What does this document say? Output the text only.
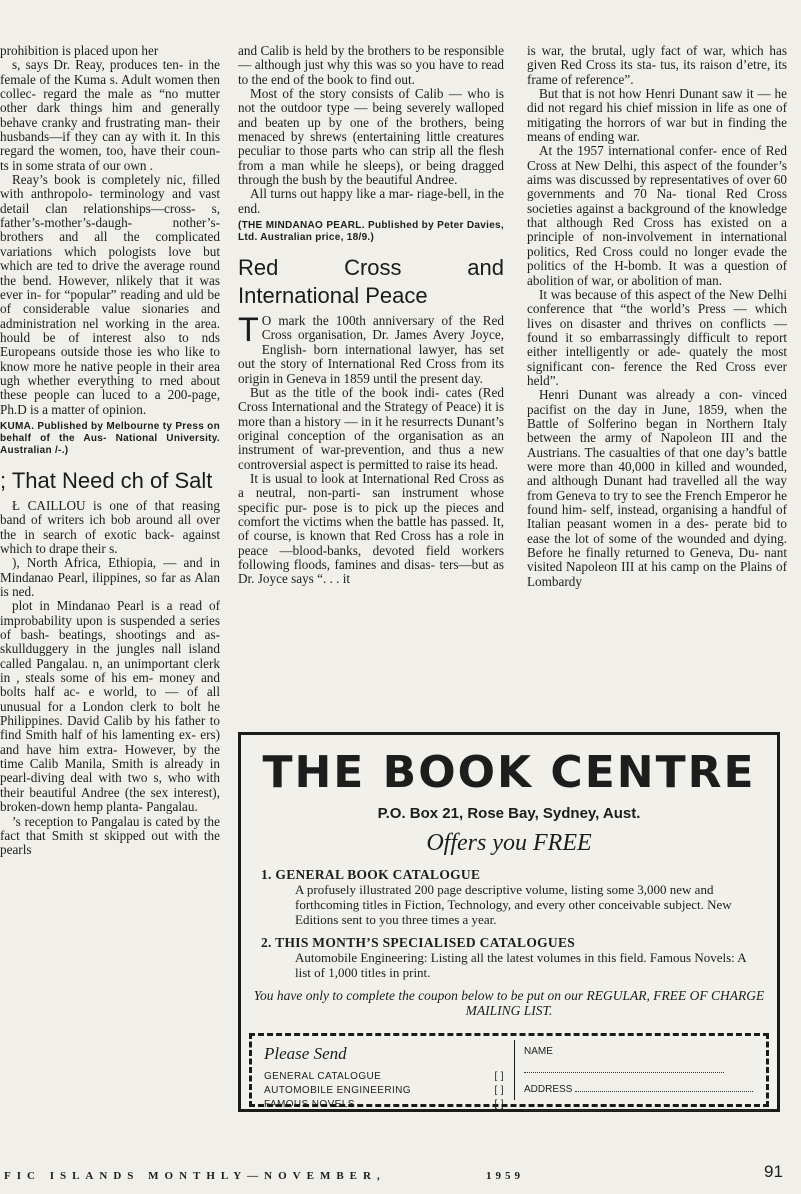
prohibition is placed upon her

s, says Dr. Reay, produces ten- in the female of the Kuma s. Adult women then collec- regard the male as “no mutter other dark things him and generally behave cranky and frustrating man- their husbands—if they can ay with it. In this regard the women, too, have their coun- ts in some strata of our own .

Reay’s book is completely nic, filled with anthropolo- terminology and vast detail clan relationships—cross- s, father’s-mother’s-daugh- nother’s-brothers and all the complicated variations which pologists love but which are ted to drive the average round the bend. However, nlikely that it was ever in- for “popular” reading and uld be of considerable value sionaries and administration nel working in the area. hould be of interest also to nds Europeans outside those ies who like to know more he native people in their area ugh whether everything to rned about these people can luced to a 200-page, Ph.D is a matter of opinion.

KUMA. Published by Melbourne ty Press on behalf of the Aus- National University. Australian /-.)

; That Need ch of Salt

Ł CAILLOU is one of that reasing band of writers ich bob around all over the in search of exotic back- against which to drape their s.

), North Africa, Ethiopia, — and in Mindanao Pearl, ilippines, so far as Alan is ned.

plot in Mindanao Pearl is a read of improbability upon is suspended a series of bash- beatings, shootings and as- skullduggery in the jungles nall island called Pangalau. n, an unimportant clerk in , steals some of his em- money and bolts half ac- e world, to — of all unusual for a London clerk to bolt he Philippines. David Calib by his father to find Smith half of his lamenting ex- ers) and have him extra- However, by the time Calib Manila, Smith is already in pearl-diving deal with two s, who with their beautiful Andree (the sex interest), broken-down hemp planta- Pangalau.

’s reception to Pangalau is cated by the fact that Smith st skipped out with the pearls

and Calib is held by the brothers to be responsible — although just why this was so you have to read to the end of the book to find out.

Most of the story consists of Calib — who is not the outdoor type — being severely walloped and beaten up by one of the brothers, being menaced by shrews (entertaining little creatures peculiar to those parts who can strip all the flesh from a man while he sleeps), or being dragged through the bush by the beautiful Andree.

All turns out happy like a mar- riage-bell, in the end.

(THE MINDANAO PEARL. Published by Peter Davies, Ltd. Australian price, 18/9.)

Red Cross and International Peace

T O mark the 100th anniversary of the Red Cross organisation, Dr. James Avery Joyce, English- born international lawyer, has set out the story of International Red Cross from its origin in Geneva in 1859 until the present day.

But as the title of the book indi- cates (Red Cross International and the Strategy of Peace) it is more than a history — in it he resurrects Dunant’s original conception of the organisation as an instrument of war-prevention, and thus a new controversial aspect is permitted to raise its head.

It is usual to look at International Red Cross as a neutral, non-parti- san instrument whose specific pur- pose is to pick up the pieces and comfort the victims when the battle has passed. It, of course, is known that Red Cross has a role in peace —blood-banks, devoted field workers following floods, famines and disas- ters—but as Dr. Joyce says “. . . it

is war, the brutal, ugly fact of war, which has given Red Cross its sta- tus, its raison d’etre, its frame of reference”.

But that is not how Henri Dunant saw it — he did not regard his chief mission in life as one of mitigating the horrors of war but in finding the means of ending war.

At the 1957 international confer- ence of Red Cross at New Delhi, this aspect of the founder’s aims was discussed by representatives of over 60 governments and 70 Na- tional Red Cross societies against a background of the knowledge that although Red Cross has existed on a principle of non-involvement in international politics, Red Cross could no longer evade the politics of the H-bomb. It was a question of abolition of war, or abolition of man.

It was because of this aspect of the New Delhi conference that “the world’s Press — which lives on disaster and thrives on conflicts — found it so embarrassingly difficult to report either intelligently or ade- quately the most significant con- ference the Red Cross ever held”.

Henri Dunant was already a con- vinced pacifist on the day in June, 1859, when the Battle of Solferino began in Northern Italy between the army of Napoleon III and the Austrians. The casualties of that one day’s battle were more than 40,000 in killed and wounded, and although Dunant had travelled all the way from Geneva to try to see the French Emperor he found him- self, instead, organising a handful of Italian peasant women in a des- perate bid to ease the lot of some of the wounded and dying. Before he finally returned to Geneva, Du- nant visited Napoleon III at his camp on the Plains of Lombardy

THE BOOK CENTRE
P.O. Box 21, Rose Bay, Sydney, Aust.
Offers you FREE
1. GENERAL BOOK CATALOGUE
A profusely illustrated 200 page descriptive volume, listing some 3,000 new and forthcoming titles in Fiction, Technology, and every other conceivable subject. New Editions sent to you three times a year.
2. THIS MONTH’S SPECIALISED CATALOGUES
Automobile Engineering: Listing all the latest volumes in this field. Famous Novels: A list of 1,000 titles in print.
You have only to complete the coupon below to be put on our REGULAR, FREE OF CHARGE MAILING LIST.
Please Send
GENERAL CATALOGUE	[ ]
AUTOMOBILE ENGINEERING	[ ]
FAMOUS NOVELS	[ ]
NAME
ADDRESS
FIC ISLANDS MONTHLY—NOVEMBER,	1959	91
